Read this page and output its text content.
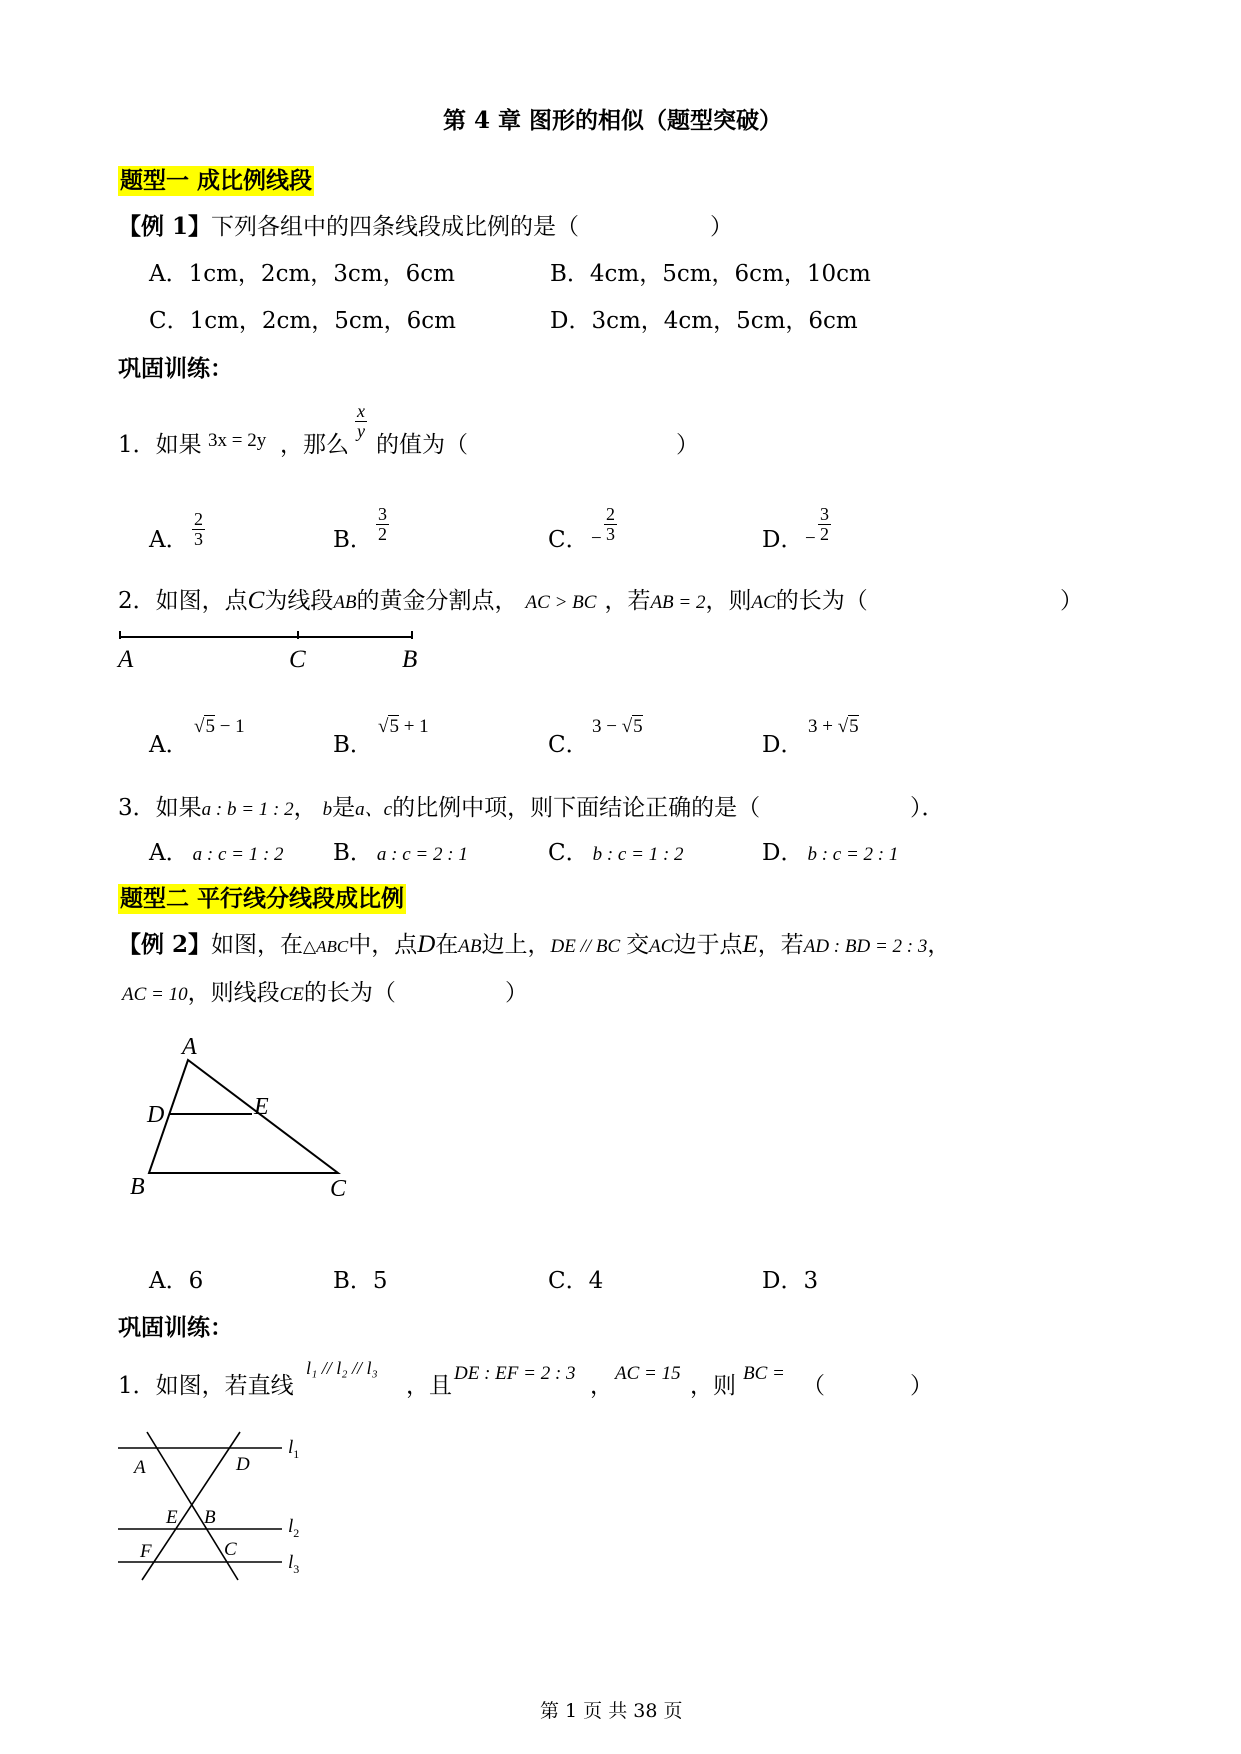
第 4 章 图形的相似（题型突破）
题型一 成比例线段
【例 1】下列各组中的四条线段成比例的是（	）
A．1cm，2cm，3cm，6cm	B．4cm，5cm，6cm，10cm
C．1cm，2cm，5cm，6cm	D．3cm，4cm，5cm，6cm
巩固训练：
1．如果 3x = 2y ，那么
$\frac{x}{y}$
的值为（	）
A． $\frac{2}{3}$	B． $\frac{3}{2}$	C． − $\frac{2}{3}$	D． − $\frac{3}{2}$
2．如图，点C为线段AB的黄金分割点， AC > BC ，若AB = 2，则AC的长为（	）
A	C	B
A．
√5 − 1
B．
√5 + 1
C．
3 − √5
D．
3 + √5
3．如果a : b = 1 : 2， b是a、c的比例中项，则下面结论正确的是（	）．
A． a : c = 1 : 2 B． a : c = 2 : 1	C． b : c = 1 : 2	D． b : c = 2 : 1
题型二 平行线分线段成比例
【例 2】如图，在△ABC中，点D在AB边上，DE // BC 交AC边于点E，若AD : BD = 2 : 3，
AC = 10，则线段CE的长为（	）
A
D	E
B	C
A．6	B．5	C．4	D．3
巩固训练：
1．如图，若直线
l₁ // l₂ // l₃
，且 DE : EF = 2 : 3 ， AC = 15 ，则 BC = （	）
A	D
E B
F	C
$l_1$
$l_2$
$l_3$
第 1 页 共 38 页
